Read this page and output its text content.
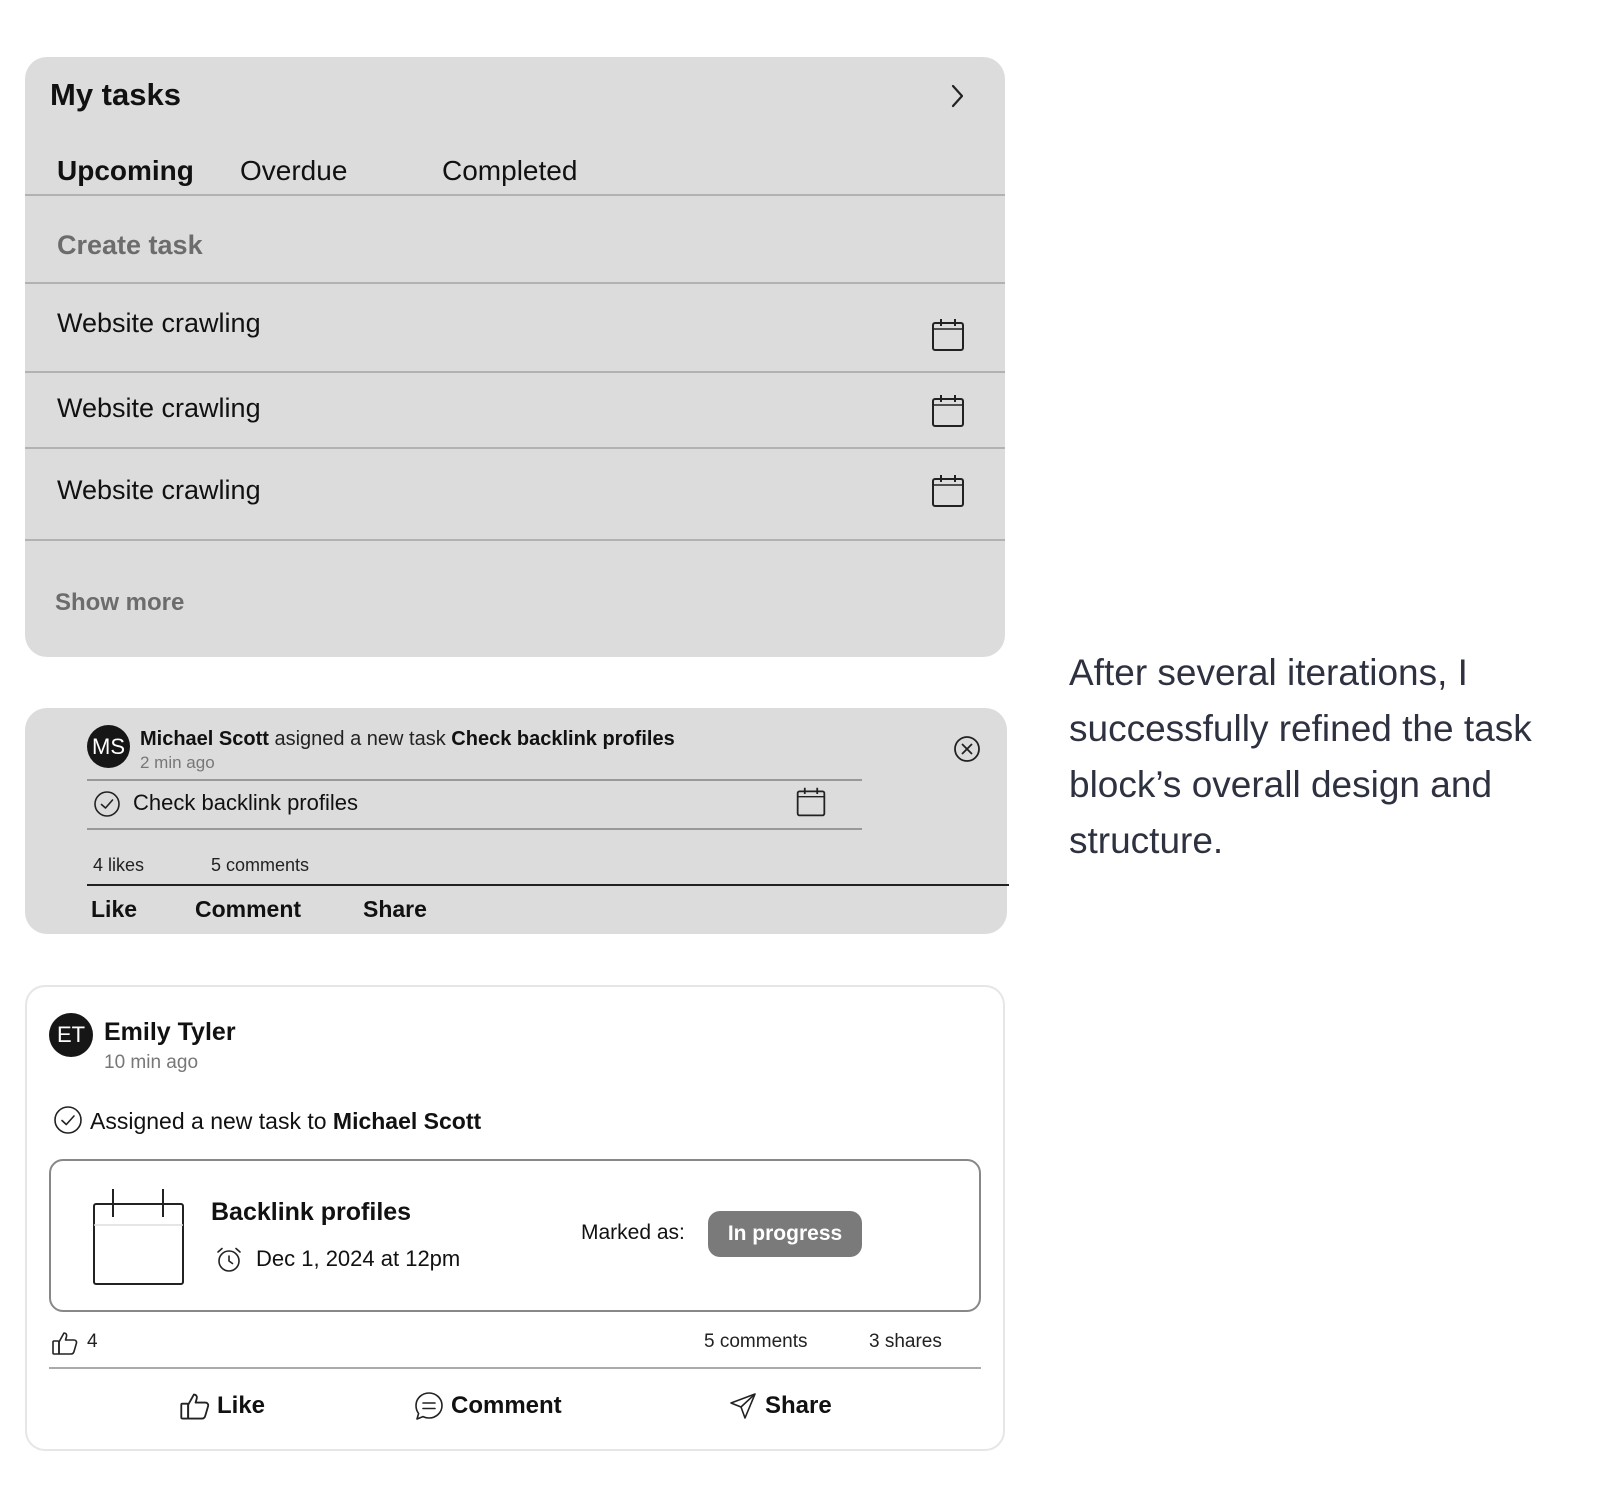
My tasks
Upcoming Overdue	Completed
Create task
Website crawling
Website crawling
Website crawling
Show more
MS Michael Scott asigned a new task Check backlink profiles
2 min ago
Check backlink profiles
4 likes	5 comments
Like	Comment	Share
ET Emily Tyler
10 min ago
Assigned a new task to Michael Scott
Backlink profiles
Dec 1, 2024 at 12pm
Marked as:	In progress
4	5 comments	3 shares
Like	Comment	Share
After several iterations, I successfully refined the task block’s overall design and structure.
